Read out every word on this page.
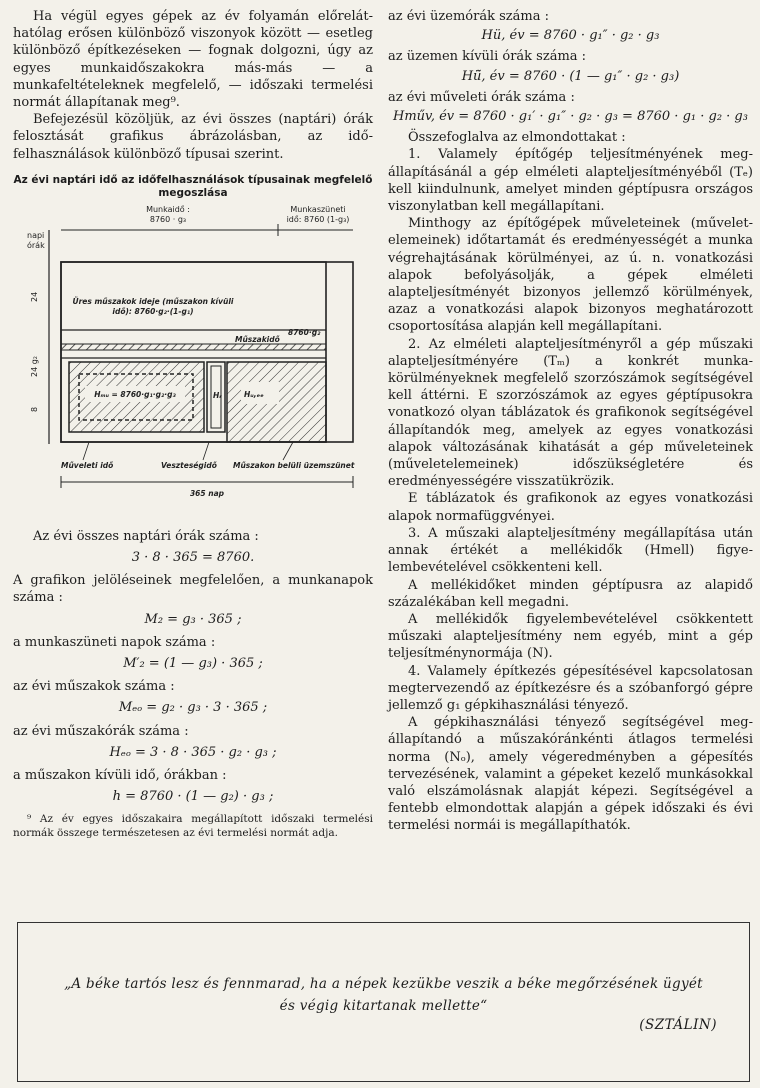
Ha végül egyes gépek az év folyamán előreláthatólag erősen különböző viszonyok között — esetleg különböző építkezéseken — fognak dolgozni, úgy az egyes munkaidőszakokra más-más — a munkafeltételeknek megfelelő, — időszaki termelési normát állapítanak meg⁹.

Befejezésül közöljük, az évi összes (naptári) órák felosztását grafikus ábrázolásban, az időfelhasználások különböző típusai szerint.

Az évi naptári idő az időfelhasználások típusainak megfelelő megoszlása
Munkaidő :
8760 · g₃
Munkaszüneti
idő: 8760 (1-g₃)
napi
órák
24
24 g₂
8
Üres műszakok ideje (műszakon kívüli
idő): 8760·g₂·(1-g₁)
8760·g₂
Műszakidő
Hₘᵤ = 8760·g₁·g₂·g₃	Hᵣ	Hᵤ,ₑₑ
Műveleti idő	Veszteségidő Műszakon belüli üzemszünet
365 nap

Az évi összes naptári órák száma :

3 · 8 · 365 = 8760.

A grafikon jelöléseinek megfelelően, a munkanapok száma :

M₂ = g₃ · 365 ;

a munkaszüneti napok száma :

M′₂ = (1 — g₃) · 365 ;

az évi műszakok száma :

Mₑₒ = g₂ · g₃ · 3 · 365 ;

az évi műszakórák száma :

Hₑₒ = 3 · 8 · 365 · g₂ · g₃ ;

a műszakon kívüli idő, órákban :

h = 8760 · (1 — g₂) · g₃ ;

⁹ Az év egyes időszakaira megállapított időszaki termelési normák összege természetesen az évi termelési normát adja.

az évi üzemórák száma :

Hü, év = 8760 · g₁″ · g₂ · g₃

az üzemen kívüli órák száma :

Hü̃, év = 8760 · (1 — g₁″ · g₂ · g₃)

az évi műveleti órák száma :

Hműv, év = 8760 · g₁′ · g₁″ · g₂ · g₃ = 8760 · g₁ · g₂ · g₃

Összefoglalva az elmondottakat :

1. Valamely építőgép teljesítményének megállapításánál a gép elméleti alapteljesítményéből (Tₑ) kell kiindulnunk, amelyet minden géptípusra országos viszonylatban kell megállapítani.

Minthogy az építőgépek műveleteinek (műveletelemeinek) időtartamát és eredményességét a munka végrehajtásának körülményei, az ú. n. vonatkozási alapok befolyásolják, a gépek elméleti alapteljesítményét bizonyos jellemző körülmények, azaz a vonatkozási alapok bizonyos meghatározott csoportosítása alapján kell megállapítani.

2. Az elméleti alapteljesítményről a gép műszaki alapteljesítményére (Tₘ) a konkrét munkakörülményeknek megfelelő szorzószámok segítségével kell áttérni. E szorzószámok az egyes géptípusokra vonatkozó olyan táblázatok és grafikonok segítségével állapítandók meg, amelyek az egyes vonatkozási alapok változásának kihatását a gép műveleteinek (műveletelemeinek) időszükségletére és eredményességére visszatükrözik.

E táblázatok és grafikonok az egyes vonatkozási alapok normafüggvényei.

3. A műszaki alapteljesítmény megállapítása után annak értékét a mellékidők (Hmell) figyelembevételével csökkenteni kell.

A mellékidőket minden géptípusra az alapidő százalékában kell megadni.

A mellékidők figyelembevételével csökkentett műszaki alapteljesítmény nem egyéb, mint a gép teljesítménynormája (N).

4. Valamely építkezés gépesítésével kapcsolatosan megtervezendő az építkezésre és a szóbanforgó gépre jellemző g₁ gépkihasználási tényező.

A gépkihasználási tényező segítségével megállapítandó a műszakóránkénti átlagos termelési norma (Nₒ), amely végeredményben a gépesítés tervezésének, valamint a gépeket kezelő munkásokkal való elszámolásnak alapját képezi. Segítségével a fentebb elmondottak alapján a gépek időszaki és évi termelési normái is megállapíthatók.

„A béke tartós lesz és fennmarad, ha a népek kezükbe veszik a béke megőrzésének ügyét
és végig kitartanak mellette“
(SZTÁLIN)
